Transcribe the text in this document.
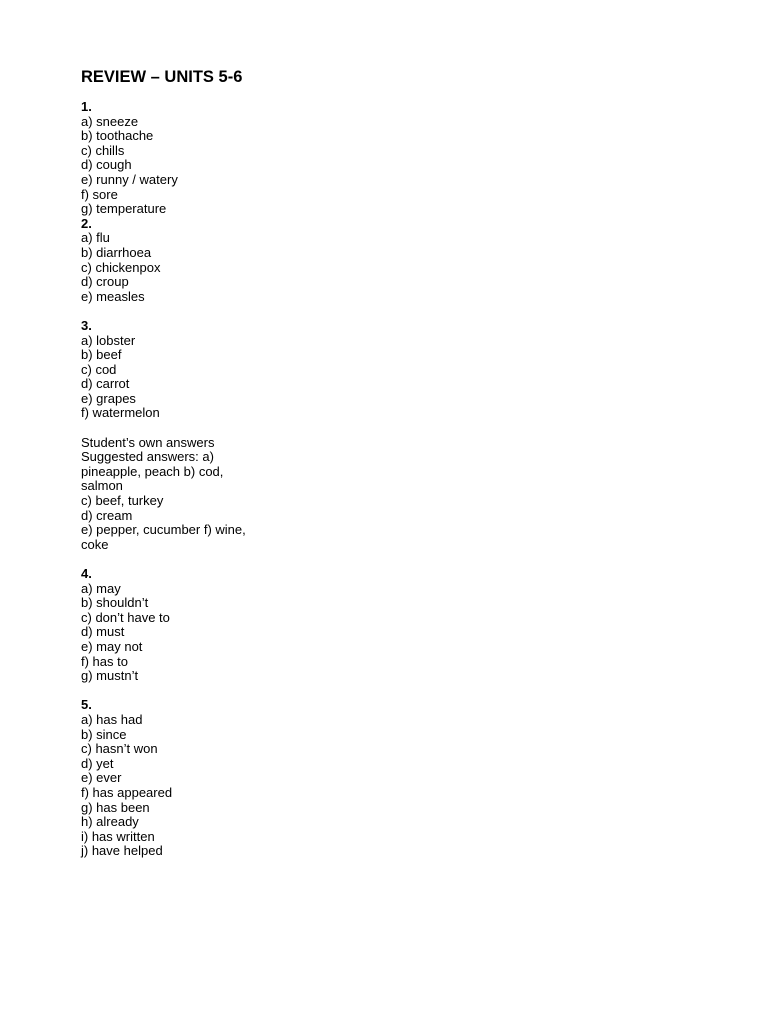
REVIEW – UNITS 5-6
1.
a) sneeze
b) toothache
c) chills
d) cough
e) runny / watery
f) sore
g) temperature
2.
a) flu
b) diarrhoea
c) chickenpox
d) croup
e) measles
3.
a) lobster
b) beef
c) cod
d) carrot
e) grapes
f) watermelon
Student’s own answers
Suggested answers: a)
pineapple, peach b) cod,
salmon
c) beef, turkey
d) cream
e) pepper, cucumber f) wine,
coke
4.
a) may
b) shouldn’t
c) don’t have to
d) must
e) may not
f) has to
g) mustn’t
5.
a) has had
b) since
c) hasn’t won
d) yet
e) ever
f) has appeared
g) has been
h) already
i) has written
j) have helped
